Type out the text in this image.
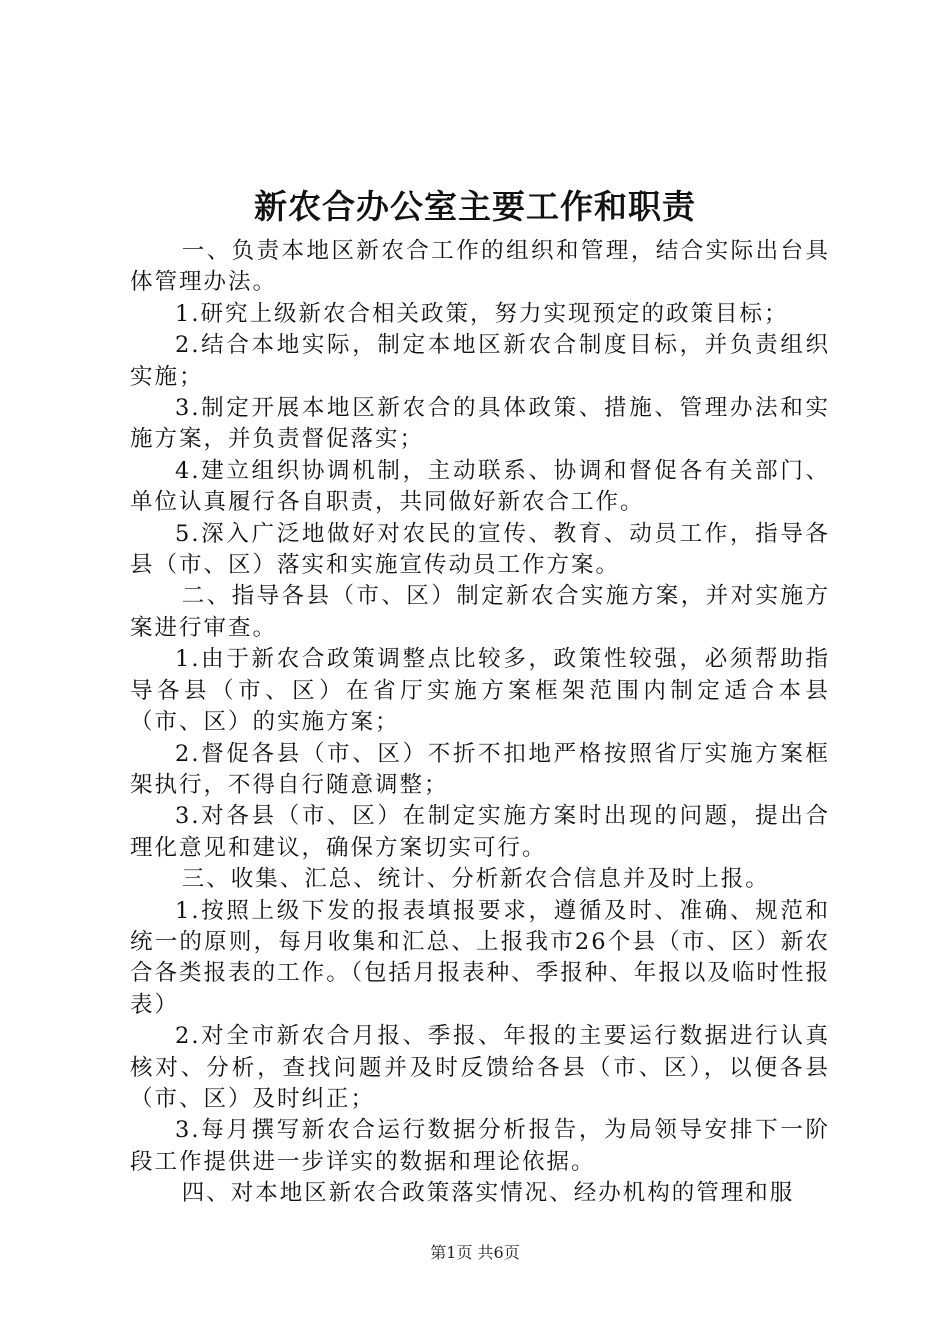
新农合办公室主要工作和职责

一、负责本地区新农合工作的组织和管理，结合实际出台具体管理办法。

1.研究上级新农合相关政策，努力实现预定的政策目标；

2.结合本地实际，制定本地区新农合制度目标，并负责组织实施；

3.制定开展本地区新农合的具体政策、措施、管理办法和实施方案，并负责督促落实；

4.建立组织协调机制，主动联系、协调和督促各有关部门、单位认真履行各自职责，共同做好新农合工作。

5.深入广泛地做好对农民的宣传、教育、动员工作，指导各县（市、区）落实和实施宣传动员工作方案。

二、指导各县（市、区）制定新农合实施方案，并对实施方案进行审查。

1.由于新农合政策调整点比较多，政策性较强，必须帮助指导各县（市、区）在省厅实施方案框架范围内制定适合本县（市、区）的实施方案；

2.督促各县（市、区）不折不扣地严格按照省厅实施方案框架执行，不得自行随意调整；

3.对各县（市、区）在制定实施方案时出现的问题，提出合理化意见和建议，确保方案切实可行。

三、收集、汇总、统计、分析新农合信息并及时上报。

1.按照上级下发的报表填报要求，遵循及时、准确、规范和统一的原则，每月收集和汇总、上报我市26个县（市、区）新农合各类报表的工作。（包括月报表种、季报种、年报以及临时性报表）

2.对全市新农合月报、季报、年报的主要运行数据进行认真核对、分析，查找问题并及时反馈给各县（市、区），以便各县（市、区）及时纠正；

3.每月撰写新农合运行数据分析报告，为局领导安排下一阶段工作提供进一步详实的数据和理论依据。

四、对本地区新农合政策落实情况、经办机构的管理和服

第1页 共6页
